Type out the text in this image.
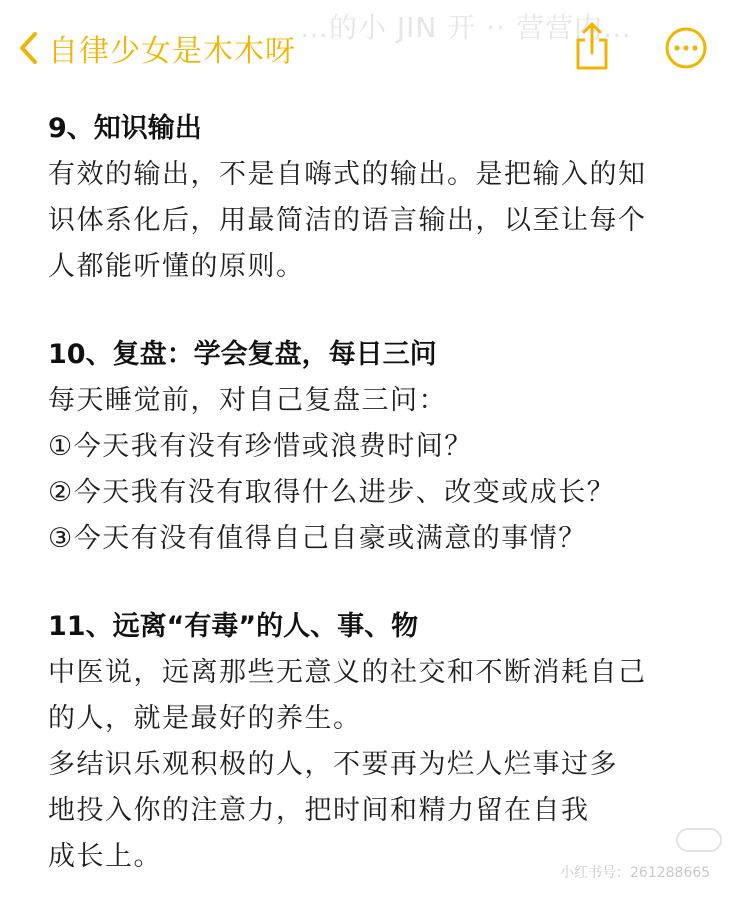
…的小 JIN 开 ·· 营营内…
自律少女是木木呀
9、知识输出
有效的输出，不是自嗨式的输出。是把输入的知
识体系化后，用最简洁的语言输出，以至让每个
人都能听懂的原则。
10、复盘：学会复盘，每日三问
每天睡觉前，对自己复盘三问：
①今天我有没有珍惜或浪费时间？
②今天我有没有取得什么进步、改变或成长？
③今天有没有值得自己自豪或满意的事情？
11、远离“有毒”的人、事、物
中医说，远离那些无意义的社交和不断消耗自己
的人，就是最好的养生。
多结识乐观积极的人，不要再为烂人烂事过多
地投入你的注意力，把时间和精力留在自我
成长上。
小红书号：261288665
